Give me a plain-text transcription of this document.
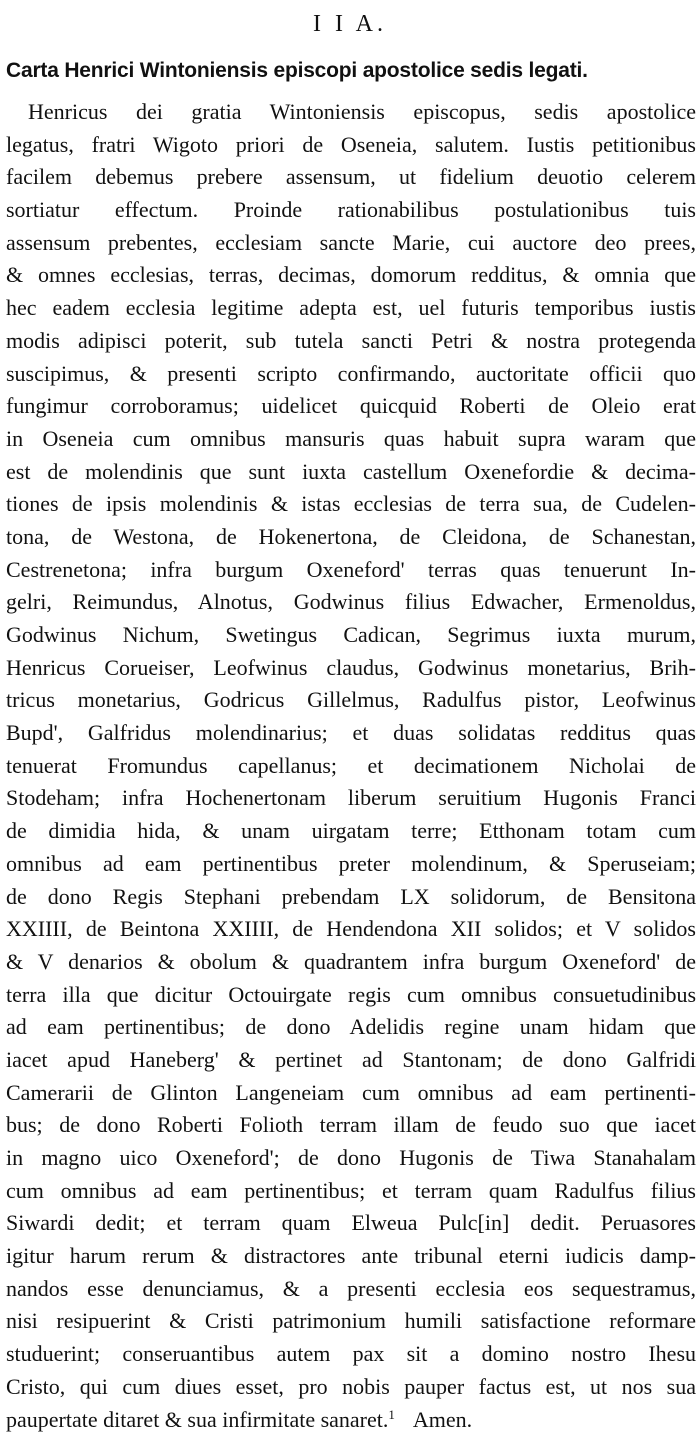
I I A.
Carta Henrici Wintoniensis episcopi apostolice sedis legati.
Henricus dei gratia Wintoniensis episcopus, sedis apostolice
legatus, fratri Wigoto priori de Oseneia, salutem. Iustis petitionibus
facilem debemus prebere assensum, ut fidelium deuotio celerem
sortiatur effectum. Proinde rationabilibus postulationibus tuis
assensum prebentes, ecclesiam sancte Marie, cui auctore deo prees,
& omnes ecclesias, terras, decimas, domorum redditus, & omnia que
hec eadem ecclesia legitime adepta est, uel futuris temporibus iustis
modis adipisci poterit, sub tutela sancti Petri & nostra protegenda
suscipimus, & presenti scripto confirmando, auctoritate officii quo
fungimur corroboramus; uidelicet quicquid Roberti de Oleio erat
in Oseneia cum omnibus mansuris quas habuit supra waram que
est de molendinis que sunt iuxta castellum Oxenefordie & decima-
tiones de ipsis molendinis & istas ecclesias de terra sua, de Cudelen-
tona, de Westona, de Hokenertona, de Cleidona, de Schanestan,
Cestrenetona; infra burgum Oxeneford' terras quas tenuerunt In-
gelri, Reimundus, Alnotus, Godwinus filius Edwacher, Ermenoldus,
Godwinus Nichum, Swetingus Cadican, Segrimus iuxta murum,
Henricus Corueiser, Leofwinus claudus, Godwinus monetarius, Brih-
tricus monetarius, Godricus Gillelmus, Radulfus pistor, Leofwinus
Bupd', Galfridus molendinarius; et duas solidatas redditus quas
tenuerat Fromundus capellanus; et decimationem Nicholai de
Stodeham; infra Hochenertonam liberum seruitium Hugonis Franci
de dimidia hida, & unam uirgatam terre; Etthonam totam cum
omnibus ad eam pertinentibus preter molendinum, & Speruseiam;
de dono Regis Stephani prebendam LX solidorum, de Bensitona
XXIIII, de Beintona XXIIII, de Hendendona XII solidos; et V solidos
& V denarios & obolum & quadrantem infra burgum Oxeneford' de
terra illa que dicitur Octouirgate regis cum omnibus consuetudinibus
ad eam pertinentibus; de dono Adelidis regine unam hidam que
iacet apud Haneberg' & pertinet ad Stantonam; de dono Galfridi
Camerarii de Glinton Langeneiam cum omnibus ad eam pertinenti-
bus; de dono Roberti Folioth terram illam de feudo suo que iacet
in magno uico Oxeneford'; de dono Hugonis de Tiwa Stanahalam
cum omnibus ad eam pertinentibus; et terram quam Radulfus filius
Siwardi dedit; et terram quam Elweua Pulc[in] dedit. Peruasores
igitur harum rerum & distractores ante tribunal eterni iudicis damp-
nandos esse denunciamus, & a presenti ecclesia eos sequestramus,
nisi resipuerint & Cristi patrimonium humili satisfactione reformare
studuerint; conseruantibus autem pax sit a domino nostro Ihesu
Cristo, qui cum diues esset, pro nobis pauper factus est, ut nos sua
paupertate ditaret & sua infirmitate sanaret.$^1$ Amen.
